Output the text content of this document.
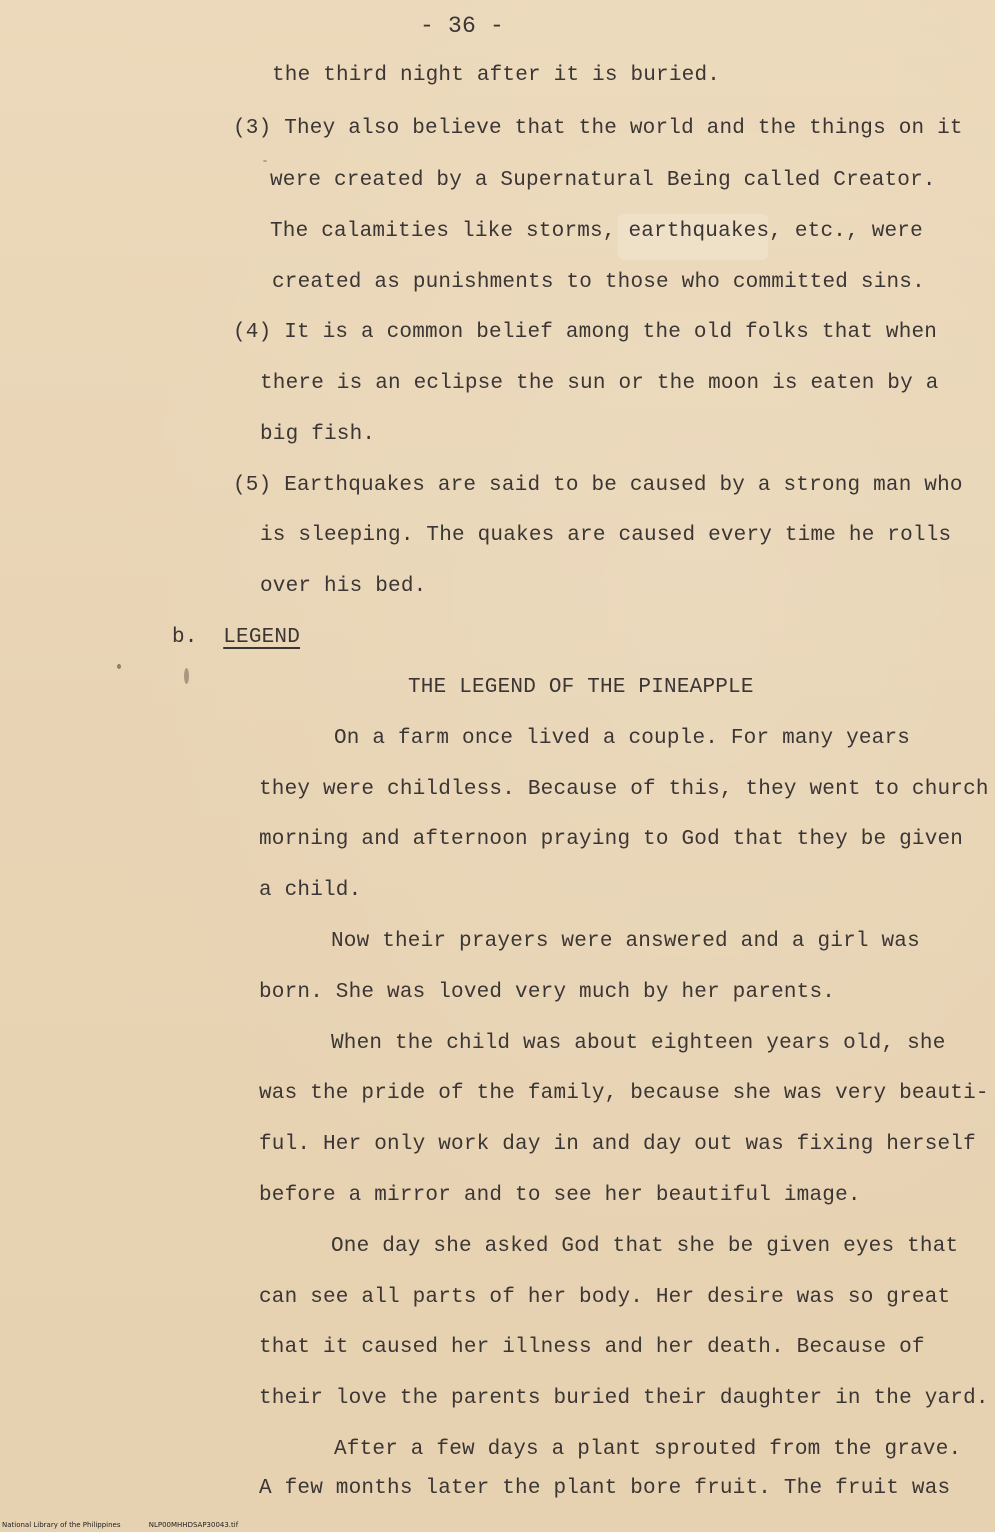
- 36 -
the third night after it is buried.
(3) They also believe that the world and the things on it
were created by a Supernatural Being called Creator.
The calamities like storms, earthquakes, etc., were
created as punishments to those who committed sins.
(4) It is a common belief among the old folks that when
there is an eclipse the sun or the moon is eaten by a
big fish.
(5) Earthquakes are said to be caused by a strong man who
is sleeping. The quakes are caused every time he rolls
over his bed.
b. LEGEND
THE LEGEND OF THE PINEAPPLE
On a farm once lived a couple. For many years
they were childless. Because of this, they went to church
morning and afternoon praying to God that they be given
a child.
Now their prayers were answered and a girl was
born. She was loved very much by her parents.
When the child was about eighteen years old, she
was the pride of the family, because she was very beauti-
ful. Her only work day in and day out was fixing herself
before a mirror and to see her beautiful image.
One day she asked God that she be given eyes that
can see all parts of her body. Her desire was so great
that it caused her illness and her death. Because of
their love the parents buried their daughter in the yard.
After a few days a plant sprouted from the grave.
A few months later the plant bore fruit. The fruit was
National Library of the Philippines	NLP00MHHDSAP30043.tif
